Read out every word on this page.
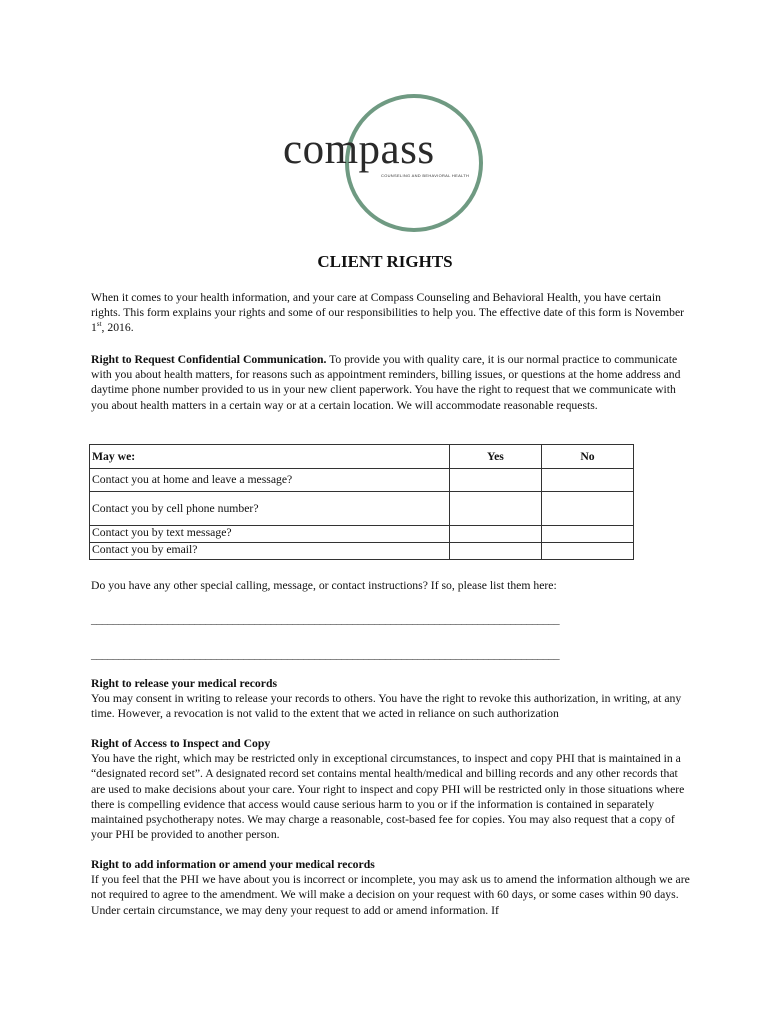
compass
COUNSELING AND BEHAVIORAL HEALTH
CLIENT RIGHTS
When it comes to your health information, and your care at Compass Counseling and Behavioral Health, you have certain rights. This form explains your rights and some of our responsibilities to help you. The effective date of this form is November 1st, 2016.
Right to Request Confidential Communication. To provide you with quality care, it is our normal practice to communicate with you about health matters, for reasons such as appointment reminders, billing issues, or questions at the home address and daytime phone number provided to us in your new client paperwork. You have the right to request that we communicate with you about health matters in a certain way or at a certain location. We will accommodate reasonable requests.
May we:	Yes	No
Contact you at home and leave a message?		
Contact you by cell phone number?		
Contact you by text message?		
Contact you by email?		
Do you have any other special calling, message, or contact instructions? If so, please list them here:
______________________________________________________________________________________
______________________________________________________________________________________
Right to release your medical records
You may consent in writing to release your records to others. You have the right to revoke this authorization, in writing, at any time. However, a revocation is not valid to the extent that we acted in reliance on such authorization
Right of Access to Inspect and Copy
You have the right, which may be restricted only in exceptional circumstances, to inspect and copy PHI that is maintained in a “designated record set”. A designated record set contains mental health/medical and billing records and any other records that are used to make decisions about your care. Your right to inspect and copy PHI will be restricted only in those situations where there is compelling evidence that access would cause serious harm to you or if the information is contained in separately maintained psychotherapy notes. We may charge a reasonable, cost-based fee for copies. You may also request that a copy of your PHI be provided to another person.
Right to add information or amend your medical records
If you feel that the PHI we have about you is incorrect or incomplete, you may ask us to amend the information although we are not required to agree to the amendment. We will make a decision on your request with 60 days, or some cases within 90 days. Under certain circumstance, we may deny your request to add or amend information. If
